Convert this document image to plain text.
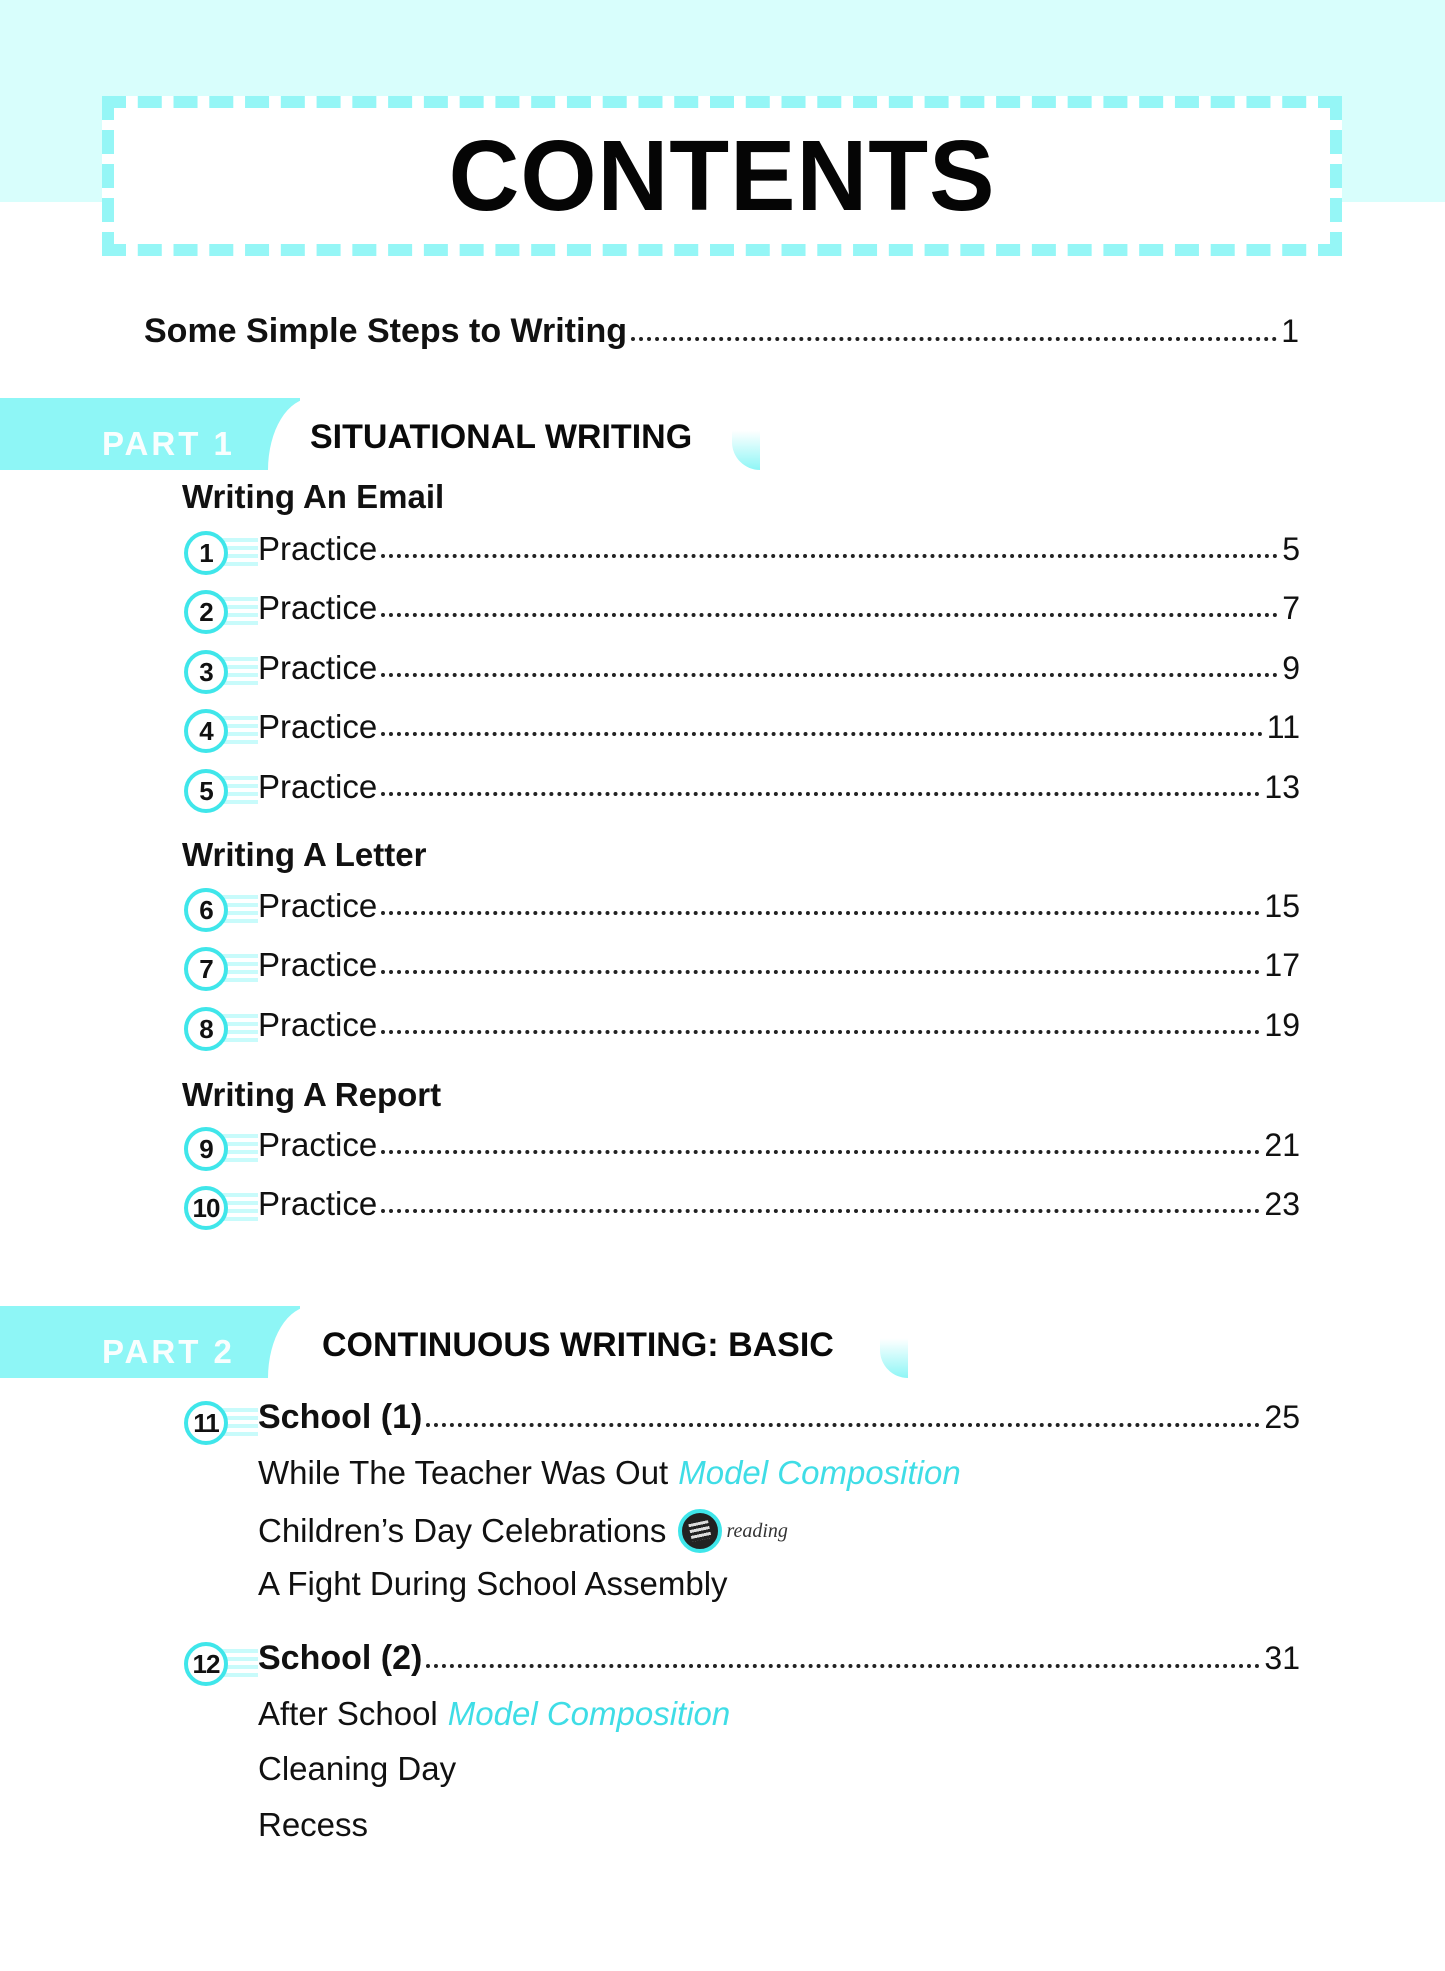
CONTENTS
Some Simple Steps to Writing	1
PART 1 SITUATIONAL WRITING
Writing An Email
1	Practice	5
2	Practice	7
3	Practice	9
4	Practice	11
5	Practice	13
Writing A Letter
6	Practice	15
7	Practice	17
8	Practice	19
Writing A Report
9	Practice	21
10 Practice	23
PART 2	CONTINUOUS WRITING: BASIC
11 School (1)	25
While The Teacher Was Out Model Composition
Children’s Day Celebrations	reading
A Fight During School Assembly
12 School (2)	31
After School Model Composition
Cleaning Day
Recess
